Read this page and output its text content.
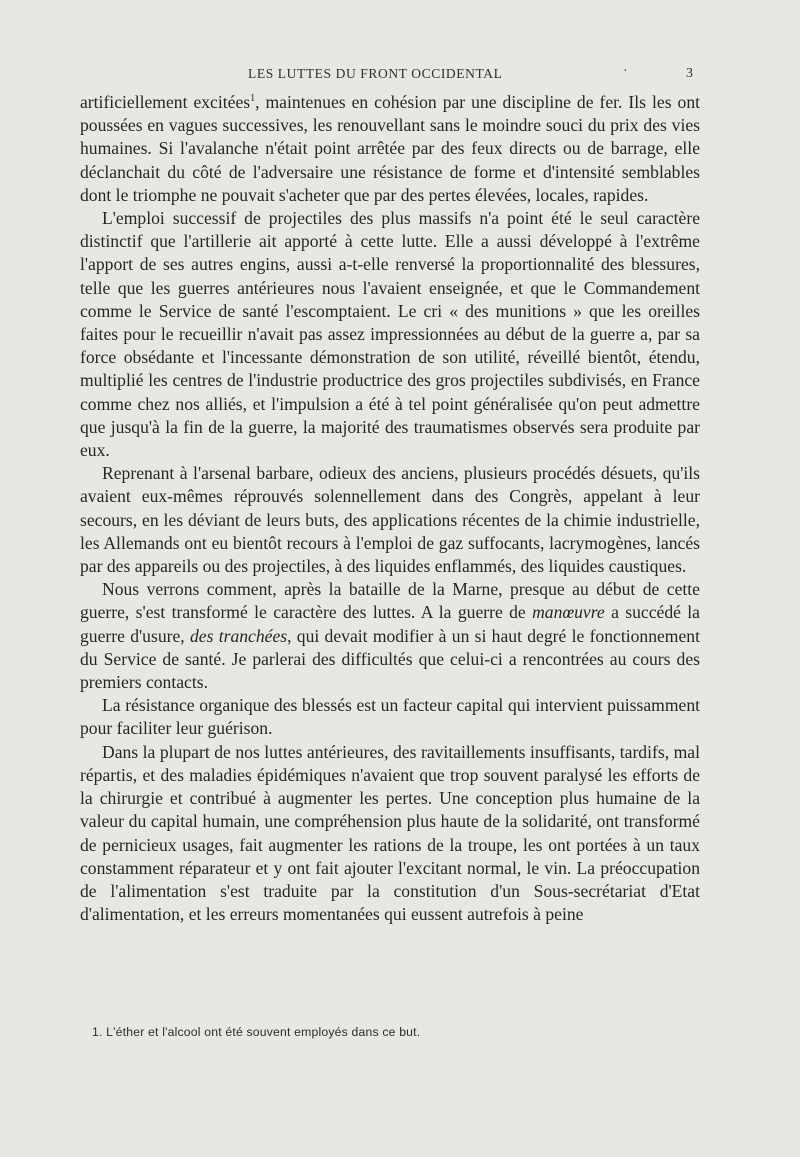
LES LUTTES DU FRONT OCCIDENTAL	·	3

artificiellement excitées$^1$, maintenues en cohésion par une discipline de fer. Ils les ont poussées en vagues successives, les renouvellant sans le moindre souci du prix des vies humaines. Si l'avalanche n'était point arrêtée par des feux directs ou de barrage, elle déclanchait du côté de l'adversaire une résistance de forme et d'intensité semblables dont le triomphe ne pouvait s'acheter que par des pertes élevées, locales, rapides.

L'emploi successif de projectiles des plus massifs n'a point été le seul caractère distinctif que l'artillerie ait apporté à cette lutte. Elle a aussi développé à l'extrême l'apport de ses autres engins, aussi a-t-elle renversé la proportionnalité des blessures, telle que les guerres antérieures nous l'avaient enseignée, et que le Commandement comme le Service de santé l'escomptaient. Le cri « des munitions » que les oreilles faites pour le recueillir n'avait pas assez impressionnées au début de la guerre a, par sa force obsédante et l'incessante démonstration de son utilité, réveillé bientôt, étendu, multiplié les centres de l'industrie productrice des gros projectiles subdivisés, en France comme chez nos alliés, et l'impulsion a été à tel point généralisée qu'on peut admettre que jusqu'à la fin de la guerre, la majorité des traumatismes observés sera produite par eux.

Reprenant à l'arsenal barbare, odieux des anciens, plusieurs procédés désuets, qu'ils avaient eux-mêmes réprouvés solennellement dans des Congrès, appelant à leur secours, en les déviant de leurs buts, des applications récentes de la chimie industrielle, les Allemands ont eu bientôt recours à l'emploi de gaz suffocants, lacrymogènes, lancés par des appareils ou des projectiles, à des liquides enflammés, des liquides caustiques.

Nous verrons comment, après la bataille de la Marne, presque au début de cette guerre, s'est transformé le caractère des luttes. A la guerre de manœuvre a succédé la guerre d'usure, des tranchées, qui devait modifier à un si haut degré le fonctionnement du Service de santé. Je parlerai des difficultés que celui-ci a rencontrées au cours des premiers contacts.

La résistance organique des blessés est un facteur capital qui intervient puissamment pour faciliter leur guérison.

Dans la plupart de nos luttes antérieures, des ravitaillements insuffisants, tardifs, mal répartis, et des maladies épidémiques n'avaient que trop souvent paralysé les efforts de la chirurgie et contribué à augmenter les pertes. Une conception plus humaine de la valeur du capital humain, une compréhension plus haute de la solidarité, ont transformé de pernicieux usages, fait augmenter les rations de la troupe, les ont portées à un taux constamment réparateur et y ont fait ajouter l'excitant normal, le vin. La préoccupation de l'alimentation s'est traduite par la constitution d'un Sous-secrétariat d'Etat d'alimentation, et les erreurs momentanées qui eussent autrefois à peine

1. L'éther et l'alcool ont été souvent employés dans ce but.
